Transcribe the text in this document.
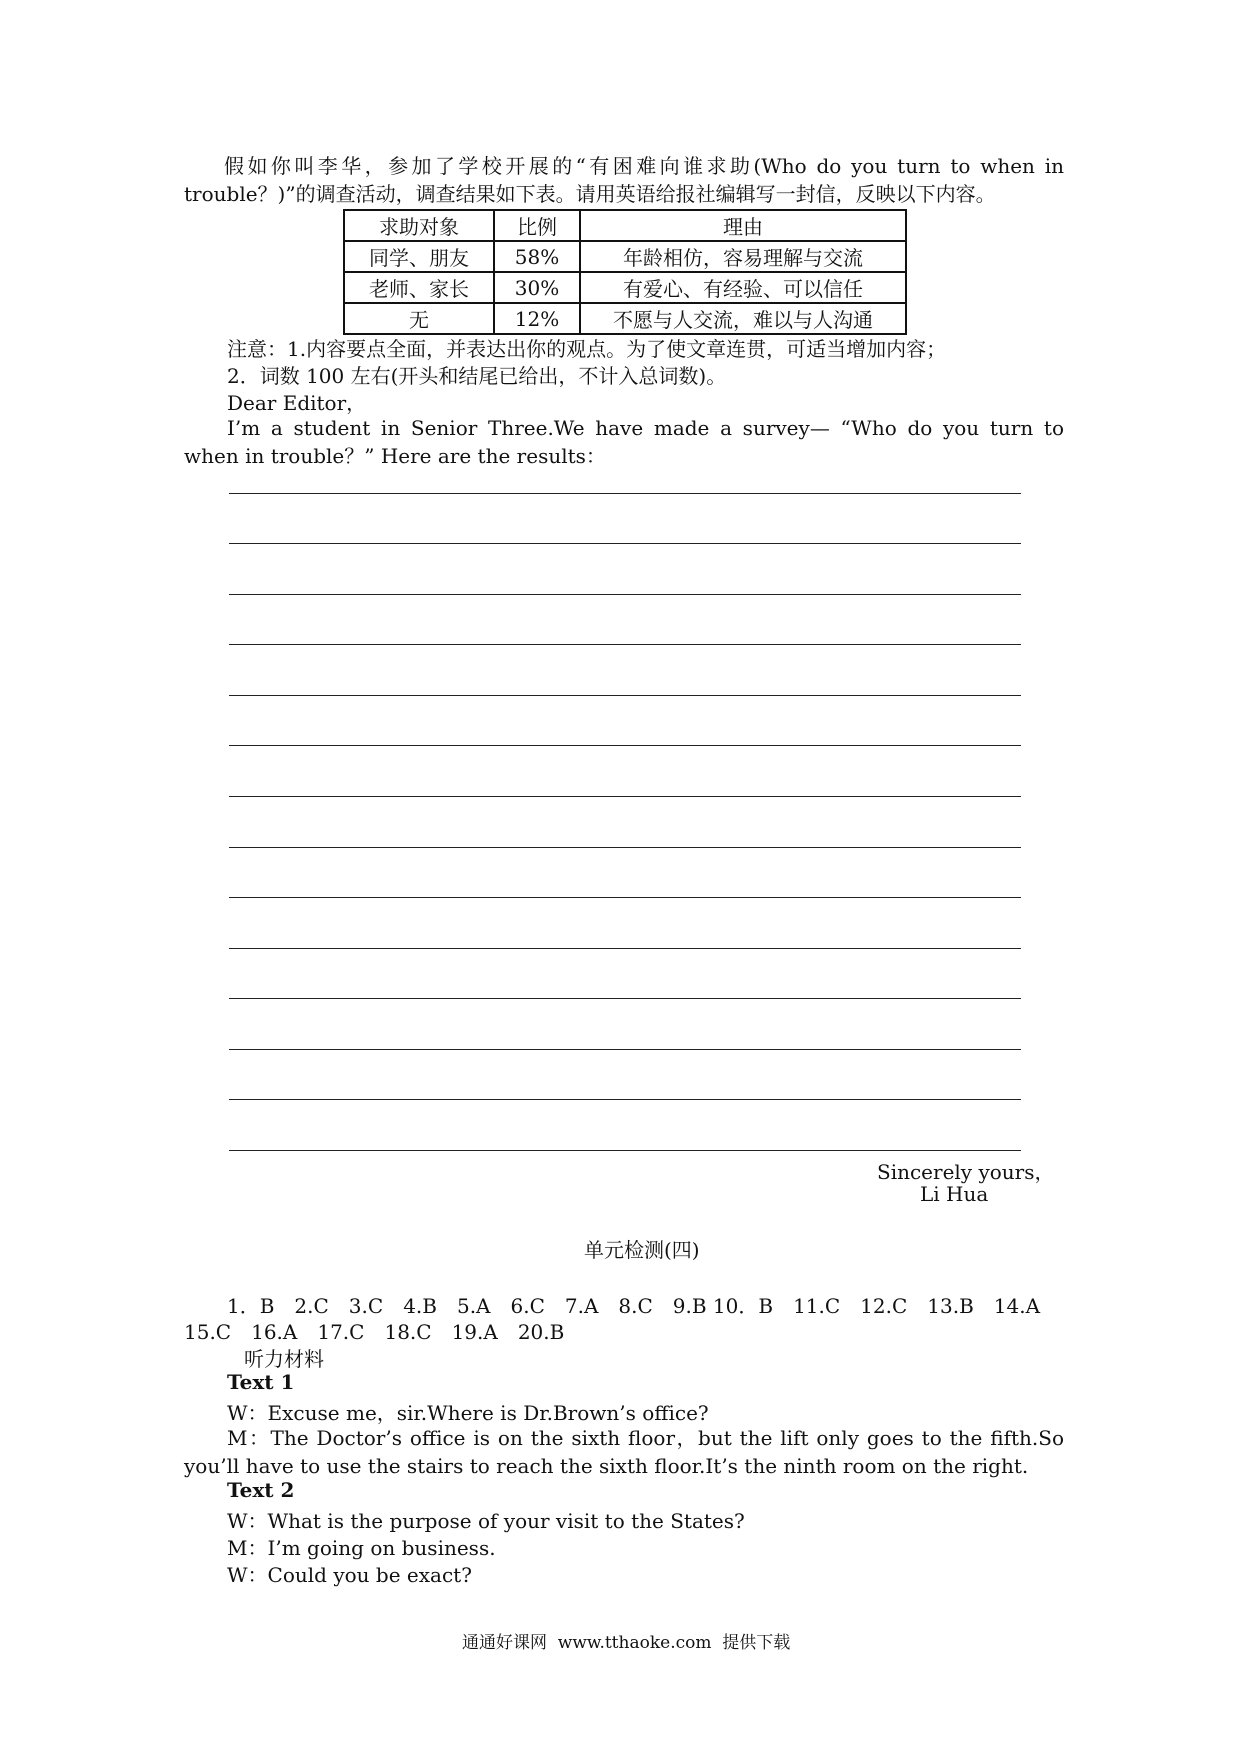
假如你叫李华，参加了学校开展的“有困难向谁求助(Who do you turn to when in trouble？)”的调查活动，调查结果如下表。请用英语给报社编辑写一封信，反映以下内容。
求助对象	比例	理由
同学、朋友	58%	年龄相仿，容易理解与交流
老师、家长	30%	有爱心、有经验、可以信任
无	12%	不愿与人交流，难以与人沟通
注意：1.内容要点全面，并表达出你的观点。为了使文章连贯，可适当增加内容；
2．词数 100 左右(开头和结尾已给出，不计入总词数)。
Dear Editor，
I’m a student in Senior Three.We have made a survey— “Who do you turn to when in trouble？” Here are the results：
Sincerely yours，
Li Hua
单元检测(四)
1．B　2.C　3.C　4.B　5.A　6.C　7.A　8.C　9.B 10．B　11.C　12.C　13.B　14.A
15.C　16.A　17.C　18.C　19.A　20.B
听力材料
Text 1
W：Excuse me，sir.Where is Dr.Brown’s office?
M：The Doctor’s office is on the sixth floor，but the lift only goes to the fifth.So you’ll have to use the stairs to reach the sixth floor.It’s the ninth room on the right.
Text 2
W：What is the purpose of your visit to the States?
M：I’m going on business.
W：Could you be exact?
通通好课网  www.tthaoke.com  提供下载
